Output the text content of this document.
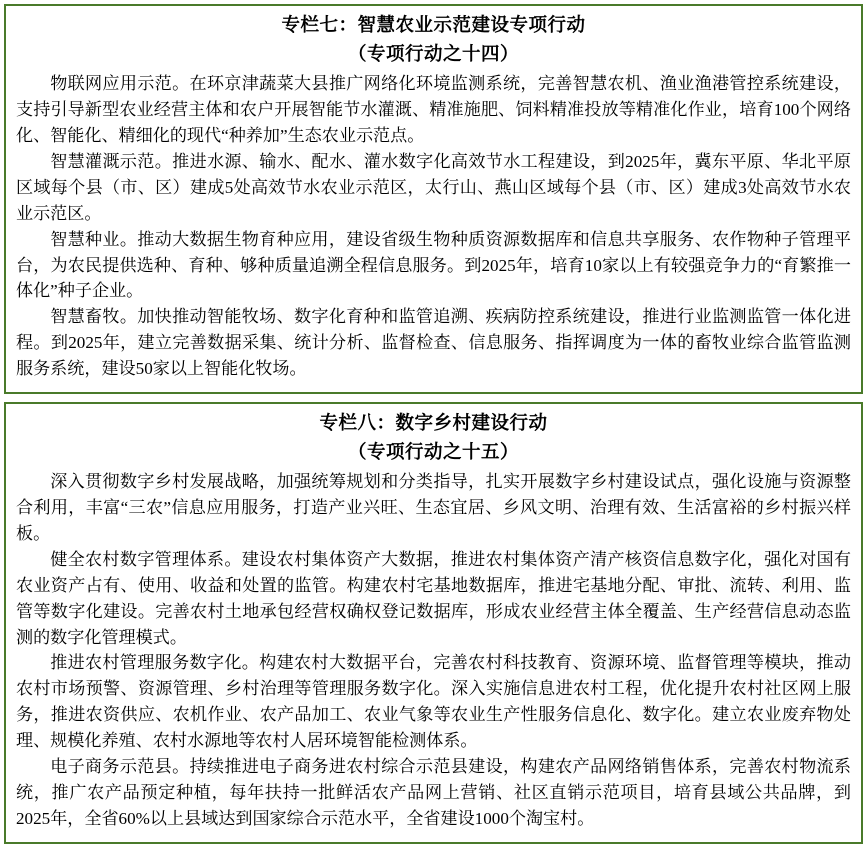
专栏七：智慧农业示范建设专项行动
（专项行动之十四）

物联网应用示范。在环京津蔬菜大县推广网络化环境监测系统，完善智慧农机、渔业渔港管控系统建设，支持引导新型农业经营主体和农户开展智能节水灌溉、精准施肥、饲料精准投放等精准化作业，培育100个网络化、智能化、精细化的现代“种养加”生态农业示范点。

智慧灌溉示范。推进水源、输水、配水、灌水数字化高效节水工程建设，到2025年，冀东平原、华北平原区域每个县（市、区）建成5处高效节水农业示范区，太行山、燕山区域每个县（市、区）建成3处高效节水农业示范区。

智慧种业。推动大数据生物育种应用，建设省级生物种质资源数据库和信息共享服务、农作物种子管理平台，为农民提供选种、育种、够种质量追溯全程信息服务。到2025年，培育10家以上有较强竞争力的“育繁推一体化”种子企业。

智慧畜牧。加快推动智能牧场、数字化育种和监管追溯、疾病防控系统建设，推进行业监测监管一体化进程。到2025年，建立完善数据采集、统计分析、监督检查、信息服务、指挥调度为一体的畜牧业综合监管监测服务系统，建设50家以上智能化牧场。

专栏八：数字乡村建设行动
（专项行动之十五）

深入贯彻数字乡村发展战略，加强统筹规划和分类指导，扎实开展数字乡村建设试点，强化设施与资源整合利用，丰富“三农”信息应用服务，打造产业兴旺、生态宜居、乡风文明、治理有效、生活富裕的乡村振兴样板。

健全农村数字管理体系。建设农村集体资产大数据，推进农村集体资产清产核资信息数字化，强化对国有农业资产占有、使用、收益和处置的监管。构建农村宅基地数据库，推进宅基地分配、审批、流转、利用、监管等数字化建设。完善农村土地承包经营权确权登记数据库，形成农业经营主体全覆盖、生产经营信息动态监测的数字化管理模式。

推进农村管理服务数字化。构建农村大数据平台，完善农村科技教育、资源环境、监督管理等模块，推动农村市场预警、资源管理、乡村治理等管理服务数字化。深入实施信息进农村工程，优化提升农村社区网上服务，推进农资供应、农机作业、农产品加工、农业气象等农业生产性服务信息化、数字化。建立农业废弃物处理、规模化养殖、农村水源地等农村人居环境智能检测体系。

电子商务示范县。持续推进电子商务进农村综合示范县建设，构建农产品网络销售体系，完善农村物流系统，推广农产品预定种植，每年扶持一批鲜活农产品网上营销、社区直销示范项目，培育县域公共品牌，到2025年，全省60%以上县域达到国家综合示范水平，全省建设1000个淘宝村。
